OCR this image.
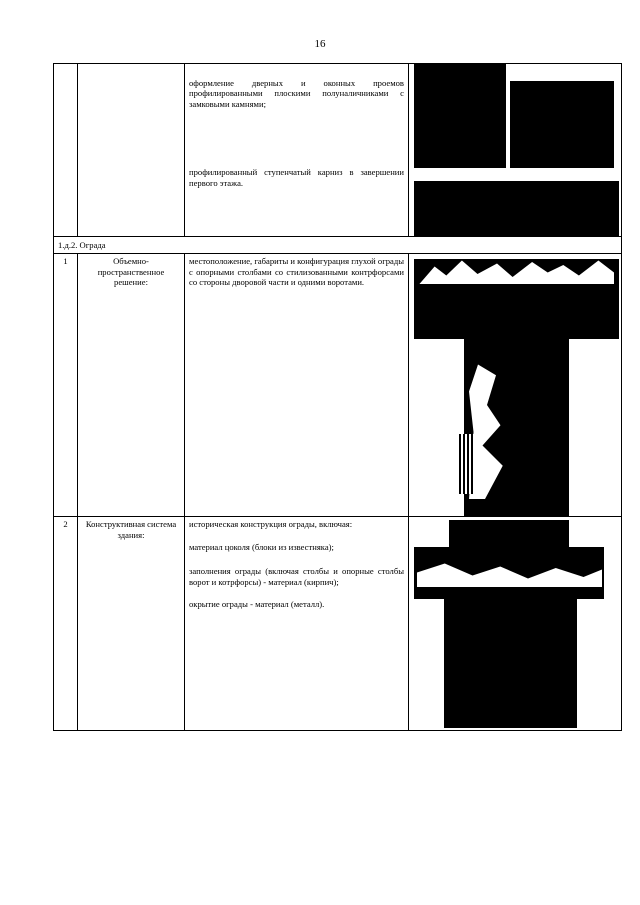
16

		оформление дверных и оконных проемов профилированными плоскими полуналичниками с замковыми камнями;

профилированный ступенчатый карниз в завершении первого этажа.	

1.д.2. Ограда			
1	Объемно-пространственное решение:	местоположение, габариты и конфигурация глухой ограды с опорными столбами со стилизованными контрфорсами со стороны дворовой части и одними воротами.	

2	Конструктивная система здания:	историческая конструкция ограды, включая:

материал цоколя (блоки из известняка);

заполнения ограды (включая столбы и опорные столбы ворот и котрфорсы) - материал (кирпич);

окрытие ограды - материал (металл).	
